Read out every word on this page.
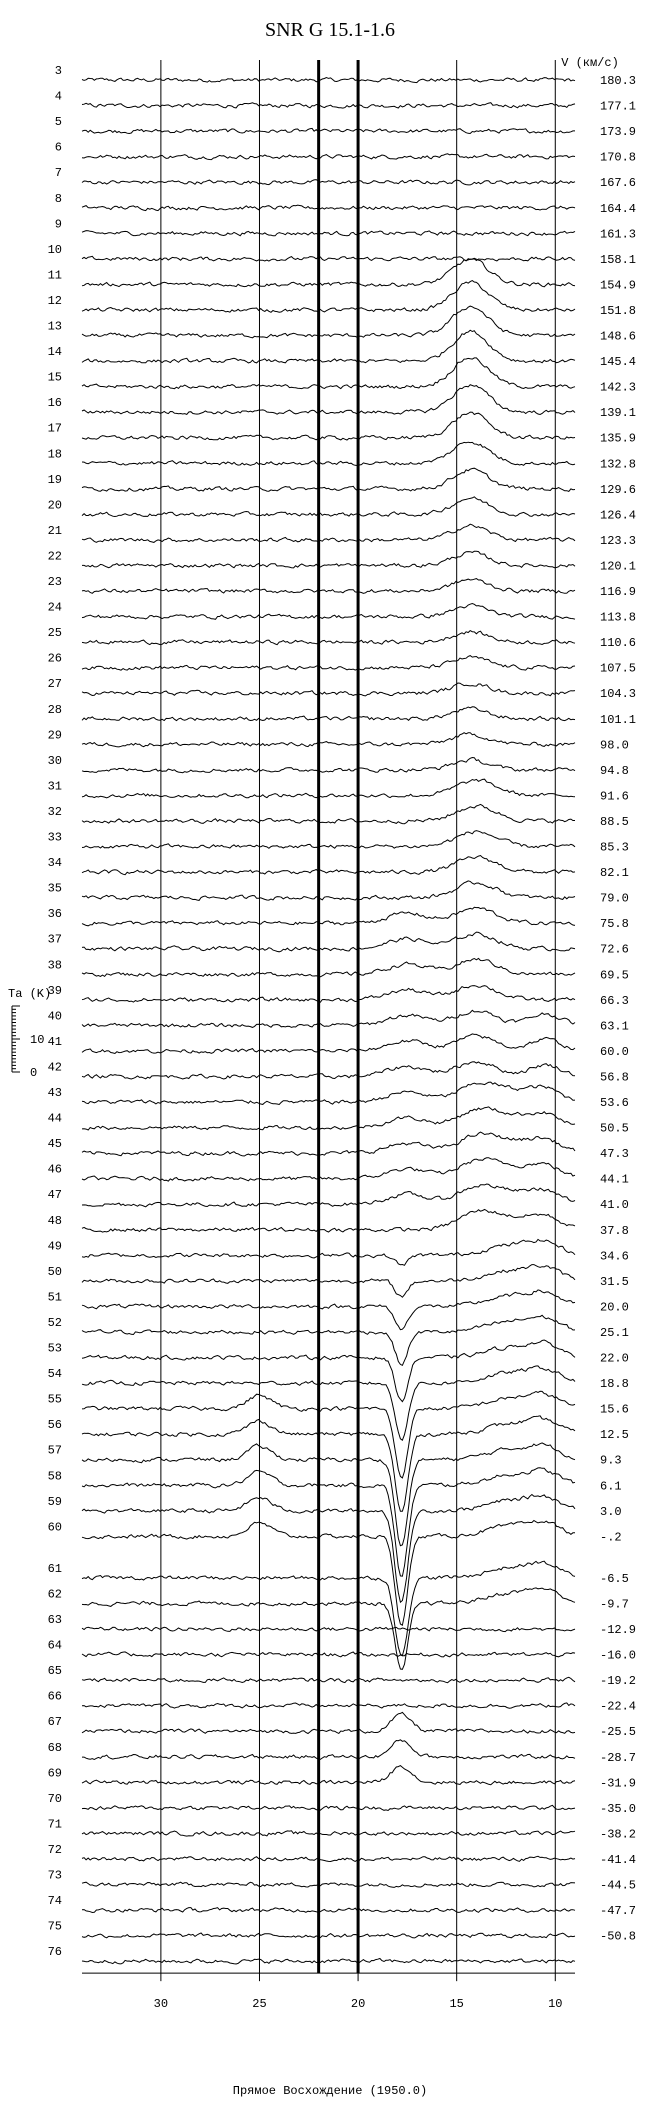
SNR G 15.1-1.6
V (км/с)
Прямое Восхождение (1950.0)
Ta (K)
10
0
3
4
5
6
7
8
9
10
11
12
13
14
15
16
17
18
19
20
21
22
23
24
25
26
27
28
29
30
31
32
33
34
35
36
37
38
39
40
41
42
43
44
45
46
47
48
49
50
51
52
53
54
55
56
57
58
59
60
61
62
63
64
65
66
67
68
69
70
71
72
73
74
75
76
180.3
177.1
173.9
170.8
167.6
164.4
161.3
158.1
154.9
151.8
148.6
145.4
142.3
139.1
135.9
132.8
129.6
126.4
123.3
120.1
116.9
113.8
110.6
107.5
104.3
101.1
98.0
94.8
91.6
88.5
85.3
82.1
79.0
75.8
72.6
69.5
66.3
63.1
60.0
56.8
53.6
50.5
47.3
44.1
41.0
37.8
34.6
31.5
20.0
25.1
22.0
18.8
15.6
12.5
9.3
6.1
3.0
-.2
-6.5
-9.7
-12.9
-16.0
-19.2
-22.4
-25.5
-28.7
-31.9
-35.0
-38.2
-41.4
-44.5
-47.7
-50.8
30	25	20	15	10
